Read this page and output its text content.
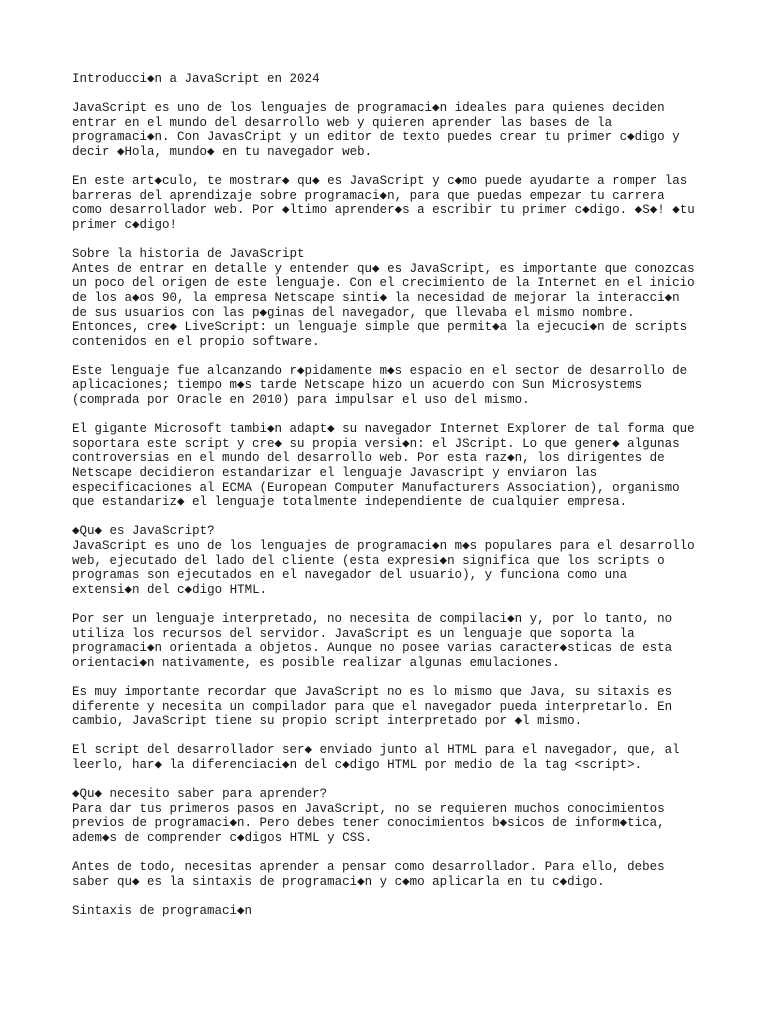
Introducci◆n a JavaScript en 2024
JavaScript es uno de los lenguajes de programaci◆n ideales para quienes deciden
entrar en el mundo del desarrollo web y quieren aprender las bases de la
programaci◆n. Con JavasCript y un editor de texto puedes crear tu primer c◆digo y
decir ◆Hola, mundo◆ en tu navegador web.
En este art◆culo, te mostrar◆ qu◆ es JavaScript y c◆mo puede ayudarte a romper las
barreras del aprendizaje sobre programaci◆n, para que puedas empezar tu carrera
como desarrollador web. Por ◆ltimo aprender◆s a escribir tu primer c◆digo. ◆S◆! ◆tu
primer c◆digo!
Sobre la historia de JavaScript
Antes de entrar en detalle y entender qu◆ es JavaScript, es importante que conozcas
un poco del origen de este lenguaje. Con el crecimiento de la Internet en el inicio
de los a◆os 90, la empresa Netscape sinti◆ la necesidad de mejorar la interacci◆n
de sus usuarios con las p◆ginas del navegador, que llevaba el mismo nombre.
Entonces, cre◆ LiveScript: un lenguaje simple que permit◆a la ejecuci◆n de scripts
contenidos en el propio software.
Este lenguaje fue alcanzando r◆pidamente m◆s espacio en el sector de desarrollo de
aplicaciones; tiempo m◆s tarde Netscape hizo un acuerdo con Sun Microsystems
(comprada por Oracle en 2010) para impulsar el uso del mismo.
El gigante Microsoft tambi◆n adapt◆ su navegador Internet Explorer de tal forma que
soportara este script y cre◆ su propia versi◆n: el JScript. Lo que gener◆ algunas
controversias en el mundo del desarrollo web. Por esta raz◆n, los dirigentes de
Netscape decidieron estandarizar el lenguaje Javascript y enviaron las
especificaciones al ECMA (European Computer Manufacturers Association), organismo
que estandariz◆ el lenguaje totalmente independiente de cualquier empresa.
◆Qu◆ es JavaScript?
JavaScript es uno de los lenguajes de programaci◆n m◆s populares para el desarrollo
web, ejecutado del lado del cliente (esta expresi◆n significa que los scripts o
programas son ejecutados en el navegador del usuario), y funciona como una
extensi◆n del c◆digo HTML.
Por ser un lenguaje interpretado, no necesita de compilaci◆n y, por lo tanto, no
utiliza los recursos del servidor. JavaScript es un lenguaje que soporta la
programaci◆n orientada a objetos. Aunque no posee varias caracter◆sticas de esta
orientaci◆n nativamente, es posible realizar algunas emulaciones.
Es muy importante recordar que JavaScript no es lo mismo que Java, su sitaxis es
diferente y necesita un compilador para que el navegador pueda interpretarlo. En
cambio, JavaScript tiene su propio script interpretado por ◆l mismo.
El script del desarrollador ser◆ enviado junto al HTML para el navegador, que, al
leerlo, har◆ la diferenciaci◆n del c◆digo HTML por medio de la tag <script>.
◆Qu◆ necesito saber para aprender?
Para dar tus primeros pasos en JavaScript, no se requieren muchos conocimientos
previos de programaci◆n. Pero debes tener conocimientos b◆sicos de inform◆tica,
adem◆s de comprender c◆digos HTML y CSS.
Antes de todo, necesitas aprender a pensar como desarrollador. Para ello, debes
saber qu◆ es la sintaxis de programaci◆n y c◆mo aplicarla en tu c◆digo.
Sintaxis de programaci◆n
